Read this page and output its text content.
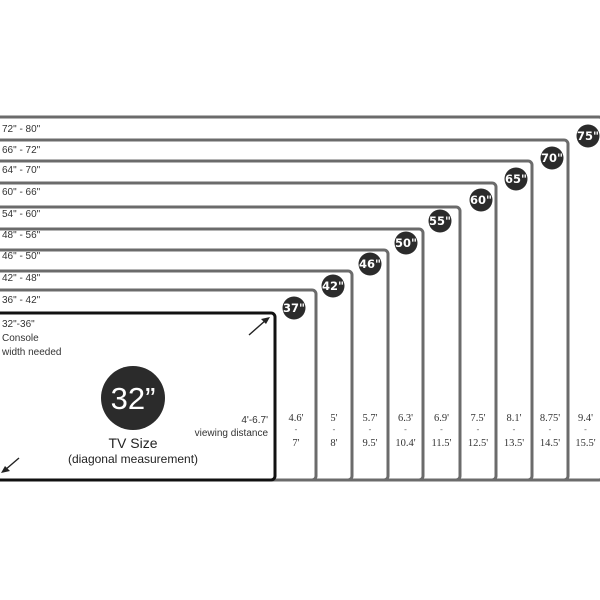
72" - 80"
66" - 72"
64" - 70"
60" - 66"
54" - 60"
48" - 56"
46" - 50"
42" - 48"
36" - 42"
37"
42"
46"
50"
55"
60"
65"
70"
75"
4.6'
-
7'
5'
-
8'
5.7'
-
9.5'
6.3'
-
10.4'
6.9'
-
11.5'
7.5'
-
12.5'
8.1'
-
13.5'
8.75'
-
14.5'
9.4'
-
15.5'
32"-36"
Console
width needed
32”
TV Size
(diagonal measurement)
4'-6.7'
viewing distance
